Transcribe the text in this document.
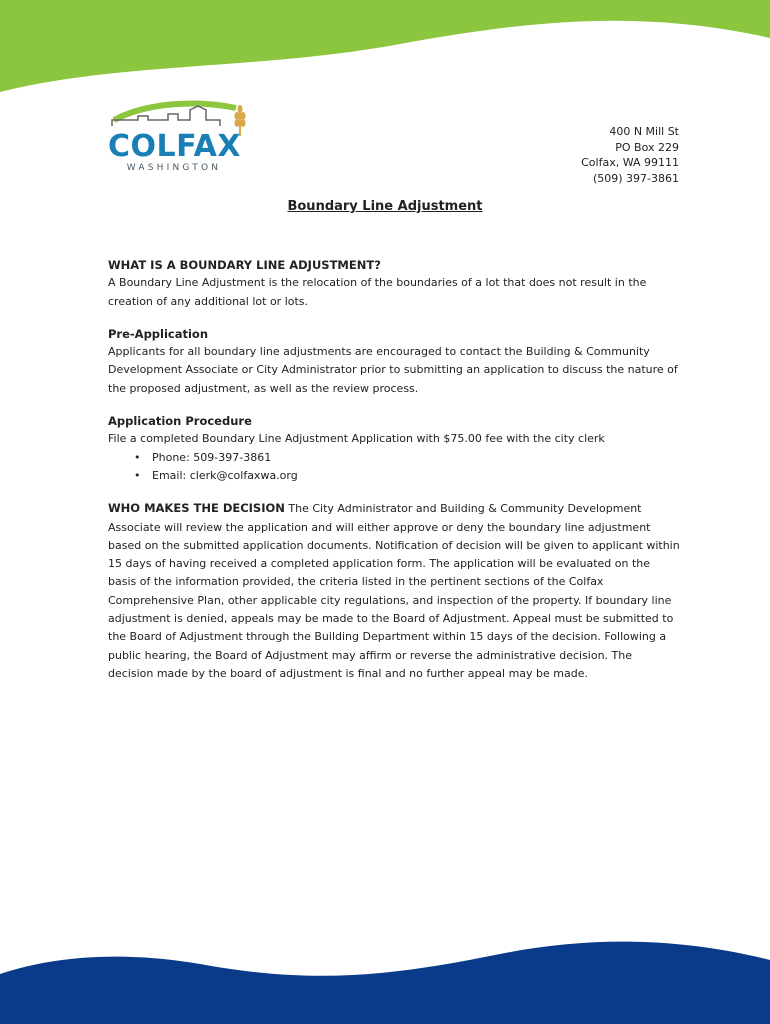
COLFAX
WASHINGTON
400 N Mill St
PO Box 229
Colfax, WA 99111
(509) 397-3861
Boundary Line Adjustment

WHAT IS A BOUNDARY LINE ADJUSTMENT?

A Boundary Line Adjustment is the relocation of the boundaries of a lot that does not result in the creation of any additional lot or lots.

Pre-Application

Applicants for all boundary line adjustments are encouraged to contact the Building & Community Development Associate or City Administrator prior to submitting an application to discuss the nature of the proposed adjustment, as well as the review process.

Application Procedure

File a completed Boundary Line Adjustment Application with $75.00 fee with the city clerk

• Phone: 509-397-3861
• Email: clerk@colfaxwa.org

WHO MAKES THE DECISION The City Administrator and Building & Community Development Associate will review the application and will either approve or deny the boundary line adjustment based on the submitted application documents. Notification of decision will be given to applicant within 15 days of having received a completed application form. The application will be evaluated on the basis of the information provided, the criteria listed in the pertinent sections of the Colfax Comprehensive Plan, other applicable city regulations, and inspection of the property. If boundary line adjustment is denied, appeals may be made to the Board of Adjustment. Appeal must be submitted to the Board of Adjustment through the Building Department within 15 days of the decision. Following a public hearing, the Board of Adjustment may affirm or reverse the administrative decision. The decision made by the board of adjustment is final and no further appeal may be made.
